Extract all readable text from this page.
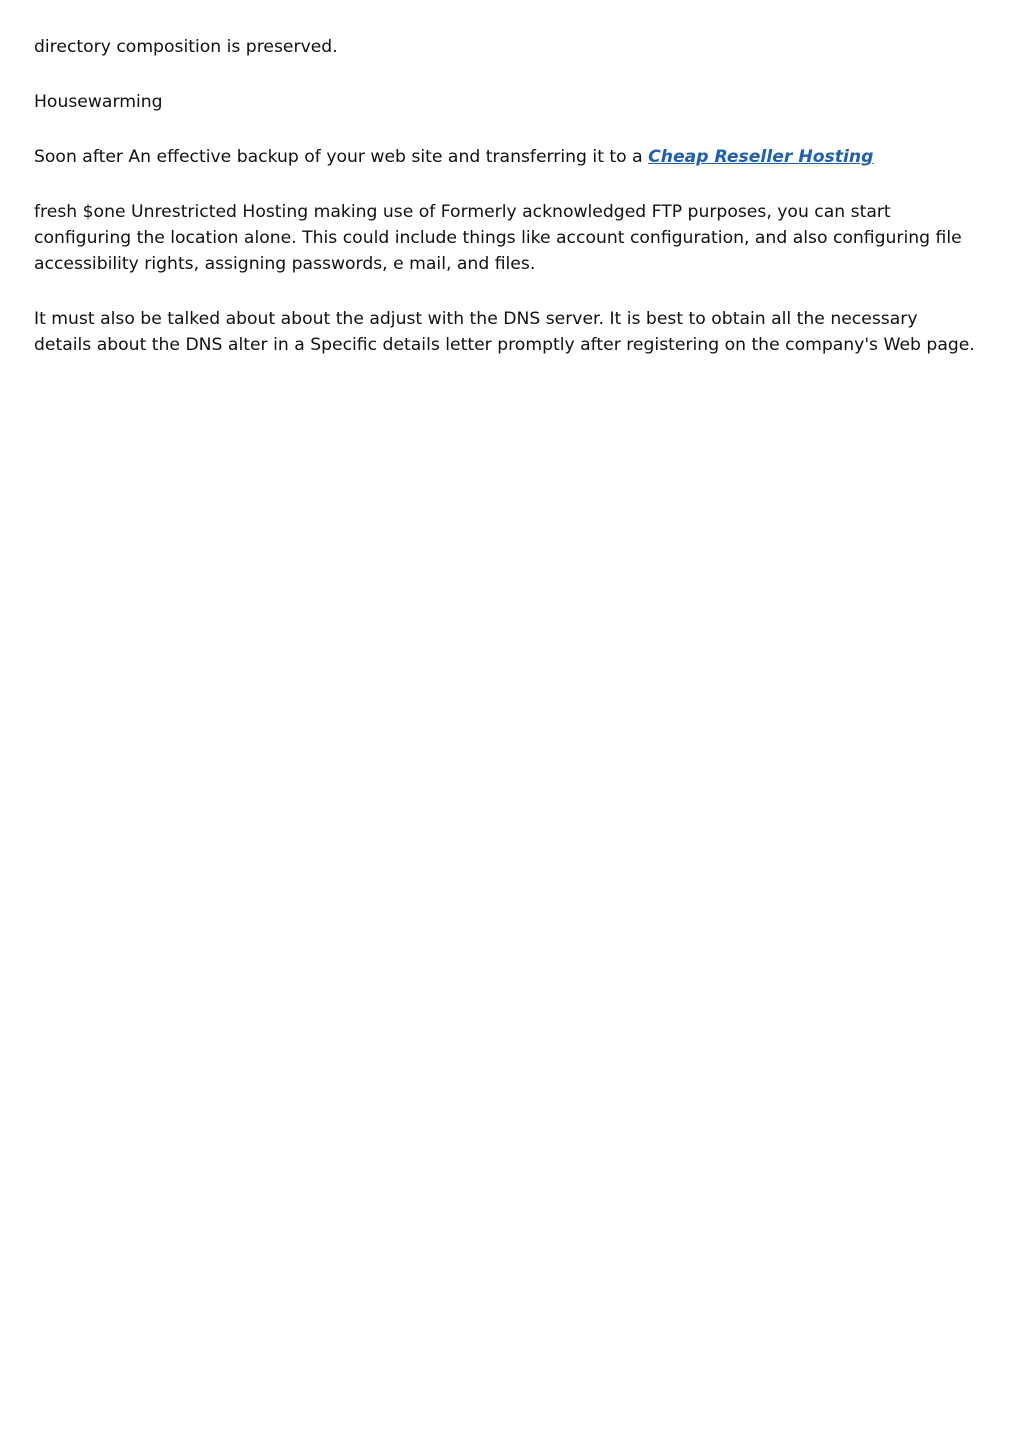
directory composition is preserved.

Housewarming

Soon after An effective backup of your web site and transferring it to a Cheap Reseller Hosting

fresh $one Unrestricted Hosting making use of Formerly acknowledged FTP purposes, you can start configuring the location alone. This could include things like account configuration, and also configuring file accessibility rights, assigning passwords, e mail, and files.

It must also be talked about about the adjust with the DNS server. It is best to obtain all the necessary details about the DNS alter in a Specific details letter promptly after registering on the company's Web page.
